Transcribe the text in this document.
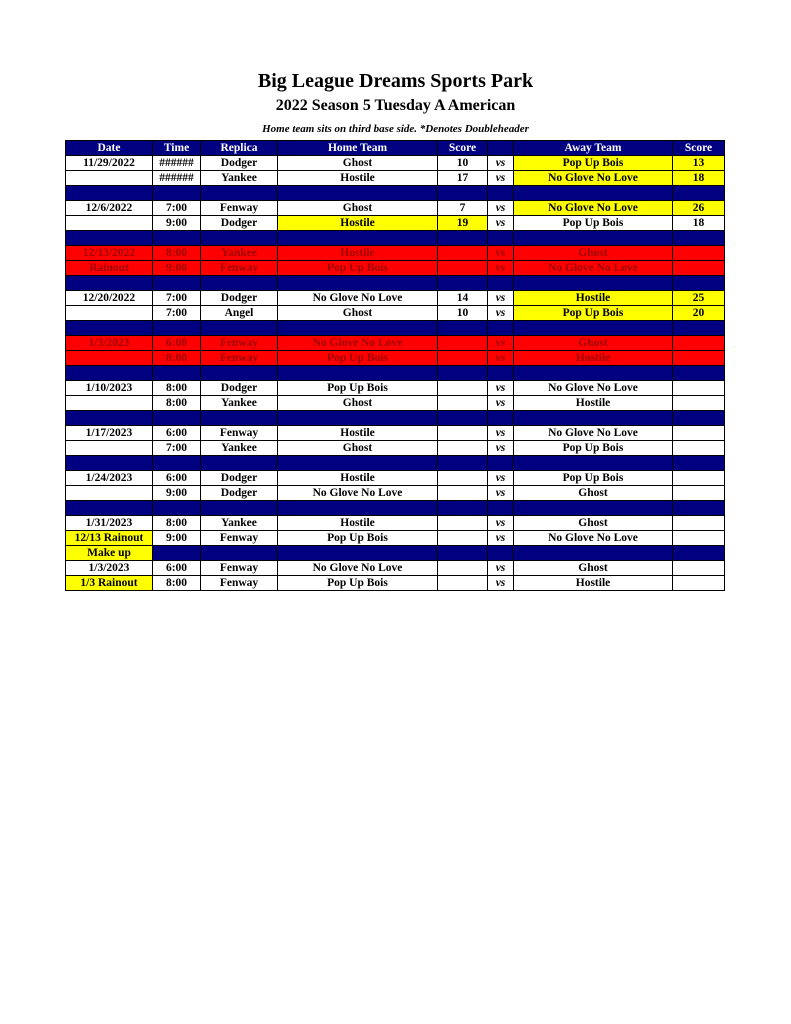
Big League Dreams Sports Park
2022 Season 5 Tuesday A American
Home team sits on third base side. *Denotes Doubleheader
Date	Time	Replica	Home Team	Score		Away Team	Score
11/29/2022	######	Dodger	Ghost	10	vs	Pop Up Bois	13
	######	Yankee	Hostile	17	vs	No Glove No Love	18

12/6/2022	7:00	Fenway	Ghost	7	vs	No Glove No Love	26
	9:00	Dodger	Hostile	19	vs	Pop Up Bois	18

12/13/2022	8:00	Yankee	Hostile		vs	Ghost	
Rainout	9:00	Fenway	Pop Up Bois		vs	No Glove No Love	

12/20/2022	7:00	Dodger	No Glove No Love	14	vs	Hostile	25
	7:00	Angel	Ghost	10	vs	Pop Up Bois	20

1/3/2023	6:00	Fenway	No Glove No Love		vs	Ghost	
	8:00	Fenway	Pop Up Bois		vs	Hostile	

1/10/2023	8:00	Dodger	Pop Up Bois		vs	No Glove No Love	
	8:00	Yankee	Ghost		vs	Hostile	

1/17/2023	6:00	Fenway	Hostile		vs	No Glove No Love	
	7:00	Yankee	Ghost		vs	Pop Up Bois	

1/24/2023	6:00	Dodger	Hostile		vs	Pop Up Bois	
	9:00	Dodger	No Glove No Love		vs	Ghost	

1/31/2023	8:00	Yankee	Hostile		vs	Ghost	
12/13 Rainout	9:00	Fenway	Pop Up Bois		vs	No Glove No Love	
Make up							
1/3/2023	6:00	Fenway	No Glove No Love		vs	Ghost	
1/3 Rainout	8:00	Fenway	Pop Up Bois		vs	Hostile	
